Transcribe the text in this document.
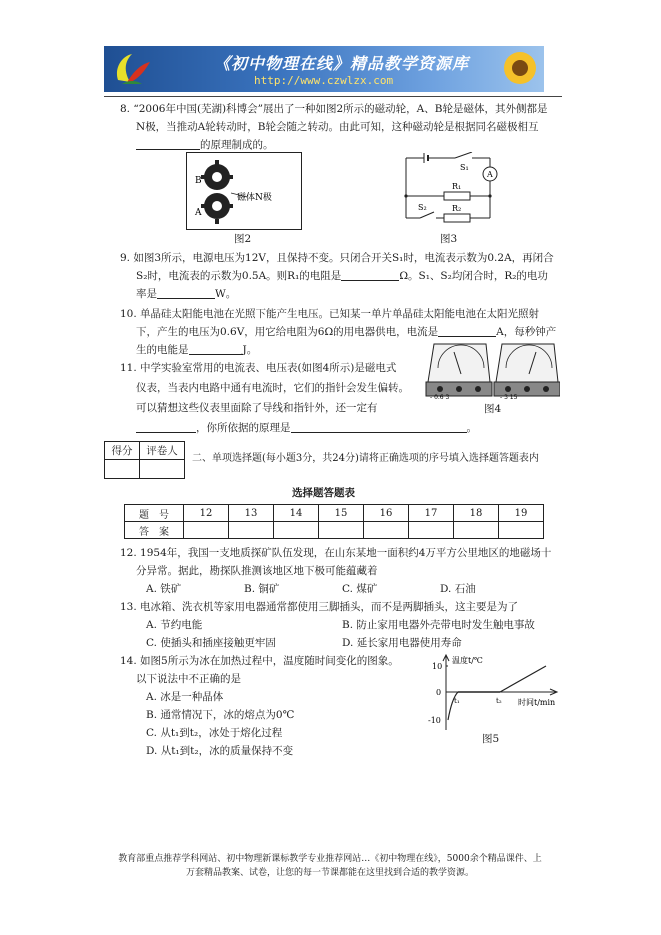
《初中物理在线》精品教学资源库
http://www.czwlzx.com
8. “2006年中国(芜湖)科博会”展出了一种如图2所示的磁动轮，A、B轮是磁体，其外侧都是
N极，当推动A轮转动时，B轮会随之转动。由此可知，这种磁动轮是根据同名磁极相互
的原理制成的。
B
A
磁体N极
图2
S₁
A
R₁
S₂	R₂
图3
9. 如图3所示，电源电压为12V，且保持不变。只闭合开关S₁时，电流表示数为0.2A，再闭合
S₂时，电流表的示数为0.5A。则R₁的电阻是	Ω。S₁、S₂均闭合时，R₂的电功
率是	W。
10. 单晶硅太阳能电池在光照下能产生电压。已知某一单片单晶硅太阳能电池在太阳光照射
下，产生的电压为0.6V，用它给电阻为6Ω的用电器供电，电流是	A，每秒钟产
生的电能是	J。
11. 中学实验室常用的电流表、电压表(如图4所示)是磁电式
仪表，当表内电路中通有电流时，它们的指针会发生偏转。
可以猜想这些仪表里面除了导线和指针外，还一定有
，你所依据的原理是	。
- 0.6 3	- 3 15
图4
得分	评卷人

二、单项选择题(每小题3分，共24分)请将正确选项的序号填入选择题答题表内
选择题答题表
题　号	12	13	14	15	16	17	18	19
答　案								
12. 1954年，我国一支地质探矿队伍发现，在山东某地一面积约4万平方公里地区的地磁场十
分异常。据此，勘探队推测该地区地下极可能蕴藏着
A. 铁矿	B. 铜矿	C. 煤矿	D. 石油
13. 电冰箱、洗衣机等家用电器通常都使用三脚插头，而不是两脚插头，这主要是为了
A. 节约电能	B. 防止家用电器外壳带电时发生触电事故
C. 使插头和插座接触更牢固	D. 延长家用电器使用寿命
14. 如图5所示为冰在加热过程中，温度随时间变化的图象。
以下说法中不正确的是
A. 冰是一种晶体
B. 通常情况下，冰的熔点为0℃
C. 从t₁到t₂，冰处于熔化过程
D. 从t₁到t₂，冰的质量保持不变
温度t/℃
10
0
-10
t₁	t₂ 时间t/min
图5
教育部重点推荐学科网站、初中物理新课标教学专业推荐网站…《初中物理在线》，5000余个精品课件、上
万套精品教案、试卷，让您的每一节课都能在这里找到合适的教学资源。
